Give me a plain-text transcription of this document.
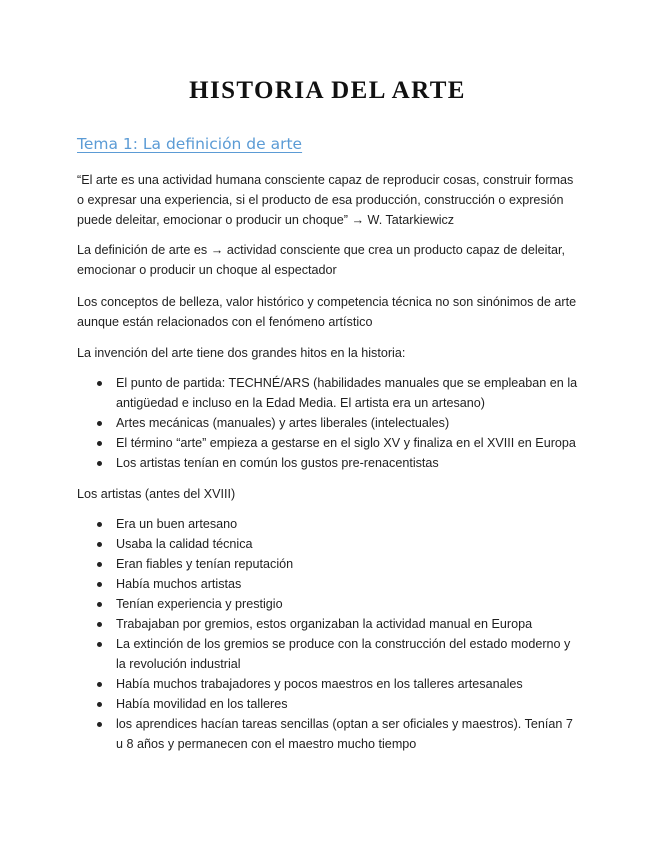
HISTORIA DEL ARTE
Tema 1: La definición de arte

“El arte es una actividad humana consciente capaz de reproducir cosas, construir formas o expresar una experiencia, si el producto de esa producción, construcción o expresión puede deleitar, emocionar o producir un choque” → W. Tatarkiewicz

La definición de arte es → actividad consciente que crea un producto capaz de deleitar, emocionar o producir un choque al espectador

Los conceptos de belleza, valor histórico y competencia técnica no son sinónimos de arte aunque están relacionados con el fenómeno artístico

La invención del arte tiene dos grandes hitos en la historia:

El punto de partida: TECHNÉ/ARS (habilidades manuales que se empleaban en la antigüedad e incluso en la Edad Media. El artista era un artesano)
Artes mecánicas (manuales) y artes liberales (intelectuales)
El término “arte” empieza a gestarse en el siglo XV y finaliza en el XVIII en Europa
Los artistas tenían en común los gustos pre-renacentistas

Los artistas (antes del XVIII)

Era un buen artesano
Usaba la calidad técnica
Eran fiables y tenían reputación
Había muchos artistas
Tenían experiencia y prestigio
Trabajaban por gremios, estos organizaban la actividad manual en Europa
La extinción de los gremios se produce con la construcción del estado moderno y la revolución industrial
Había muchos trabajadores y pocos maestros en los talleres artesanales
Había movilidad en los talleres
los aprendices hacían tareas sencillas (optan a ser oficiales y maestros). Tenían 7 u 8 años y permanecen con el maestro mucho tiempo
